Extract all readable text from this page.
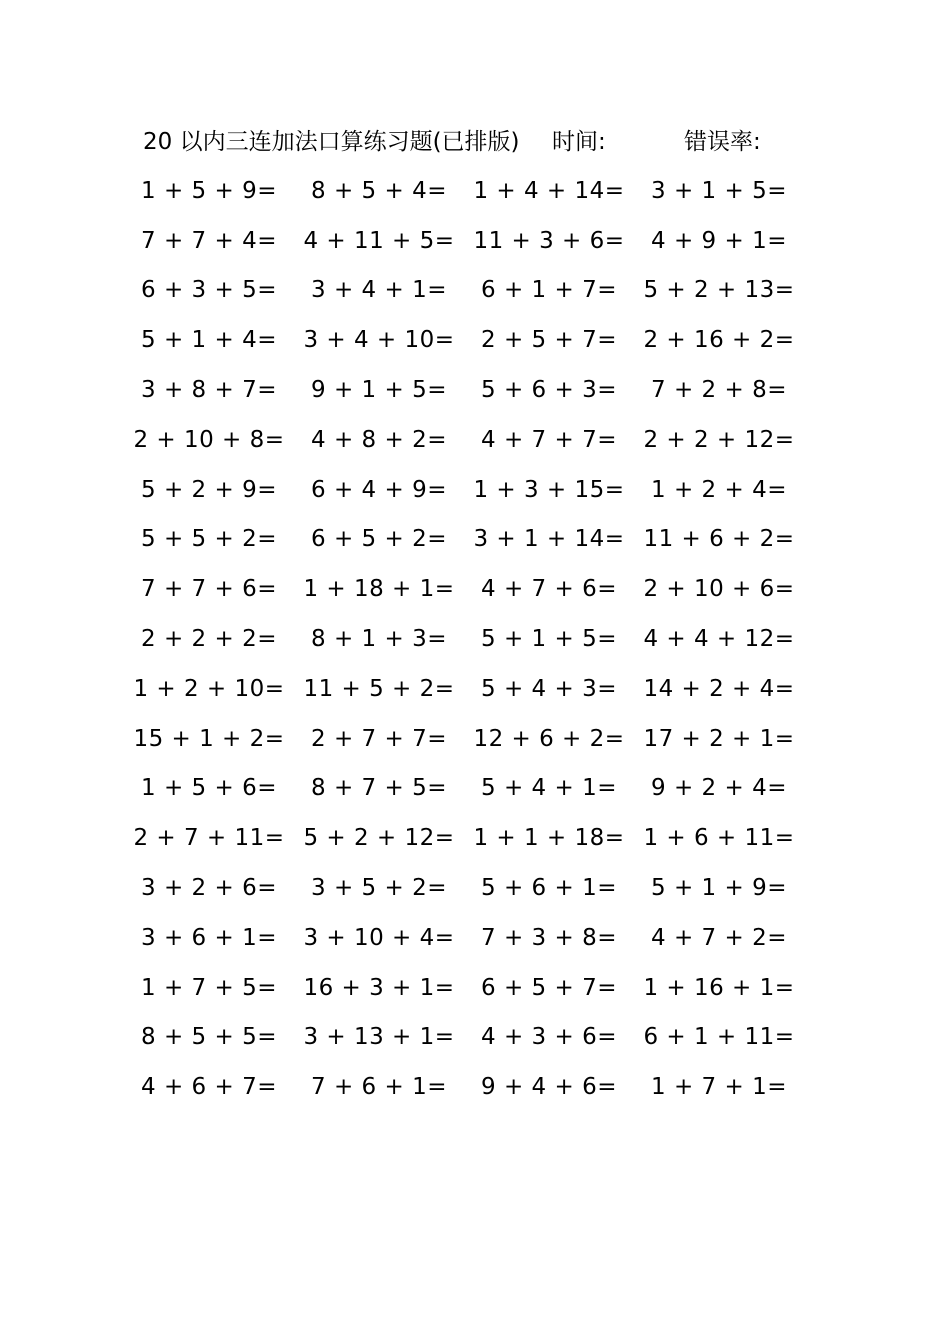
20 以内三连加法口算练习题(已排版) 时间:	错误率:
1 + 5 + 9=	8 + 5 + 4=	1 + 4 + 14=	3 + 1 + 5=
7 + 7 + 4=	4 + 11 + 5= 11 + 3 + 6=	4 + 9 + 1=
6 + 3 + 5=	3 + 4 + 1=	6 + 1 + 7=	5 + 2 + 13=
5 + 1 + 4=	3 + 4 + 10=	2 + 5 + 7=	2 + 16 + 2=
3 + 8 + 7=	9 + 1 + 5=	5 + 6 + 3=	7 + 2 + 8=
2 + 10 + 8=	4 + 8 + 2=	4 + 7 + 7=	2 + 2 + 12=
5 + 2 + 9=	6 + 4 + 9=	1 + 3 + 15=	1 + 2 + 4=
5 + 5 + 2=	6 + 5 + 2=	3 + 1 + 14= 11 + 6 + 2=
7 + 7 + 6=	1 + 18 + 1=	4 + 7 + 6=	2 + 10 + 6=
2 + 2 + 2=	8 + 1 + 3=	5 + 1 + 5=	4 + 4 + 12=
1 + 2 + 10= 11 + 5 + 2=	5 + 4 + 3=	14 + 2 + 4=
15 + 1 + 2=	2 + 7 + 7=	12 + 6 + 2= 17 + 2 + 1=
1 + 5 + 6=	8 + 7 + 5=	5 + 4 + 1=	9 + 2 + 4=
2 + 7 + 11= 5 + 2 + 12= 1 + 1 + 18= 1 + 6 + 11=
3 + 2 + 6=	3 + 5 + 2=	5 + 6 + 1=	5 + 1 + 9=
3 + 6 + 1=	3 + 10 + 4=	7 + 3 + 8=	4 + 7 + 2=
1 + 7 + 5=	16 + 3 + 1=	6 + 5 + 7=	1 + 16 + 1=
8 + 5 + 5=	3 + 13 + 1=	4 + 3 + 6=	6 + 1 + 11=
4 + 6 + 7=	7 + 6 + 1=	9 + 4 + 6=	1 + 7 + 1=
